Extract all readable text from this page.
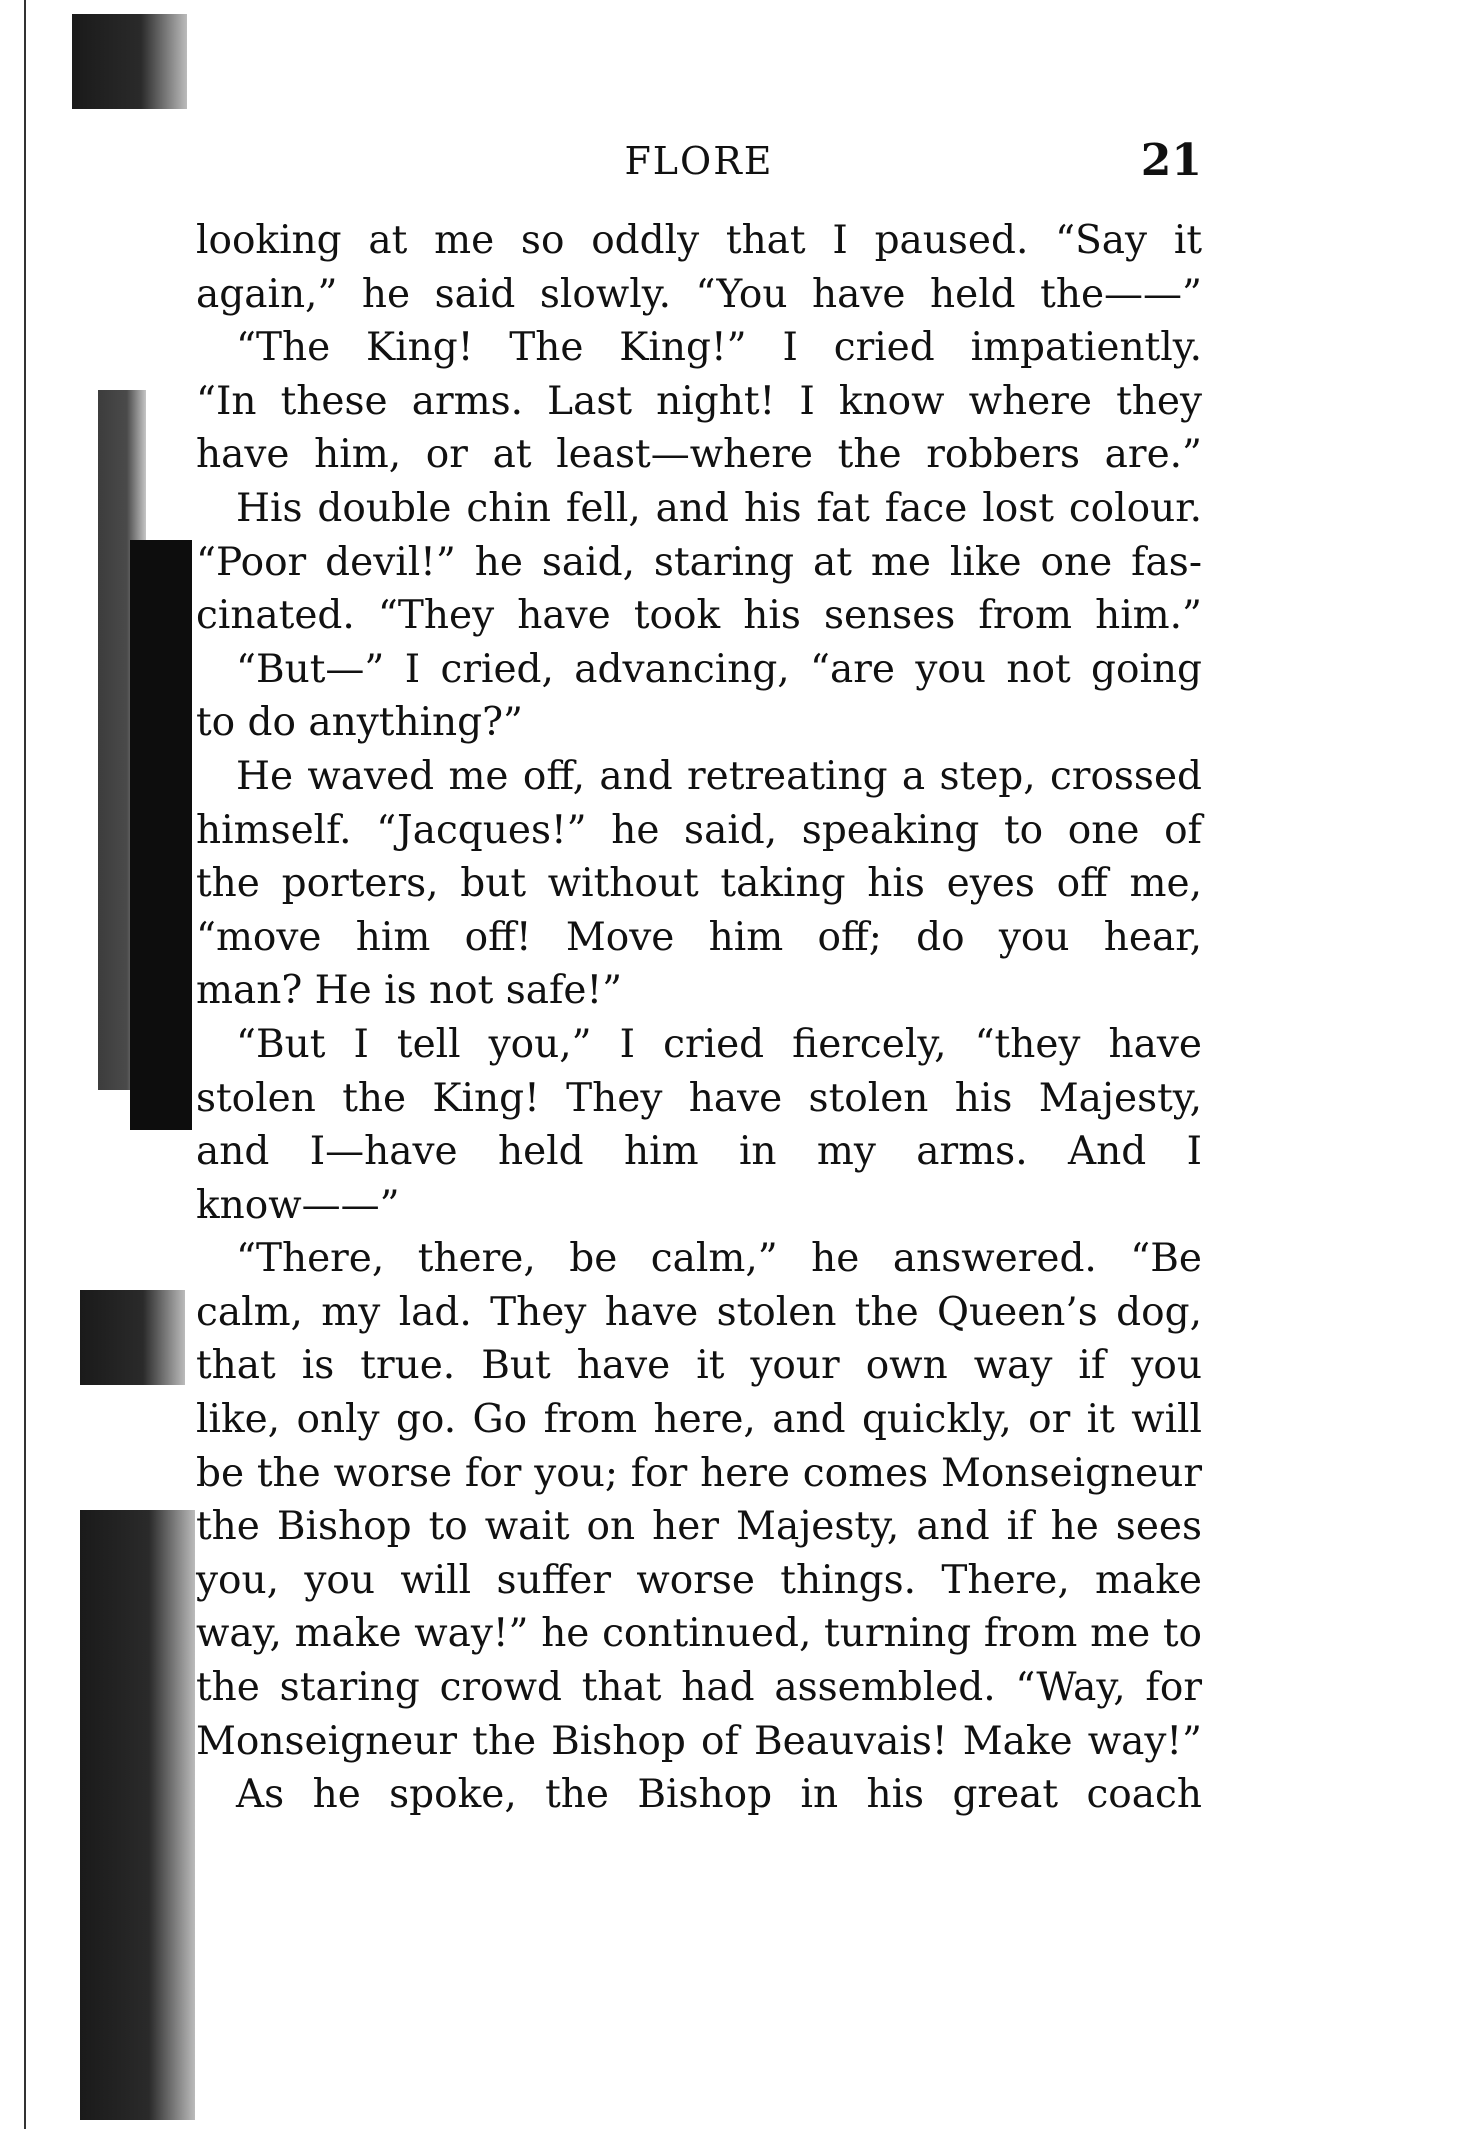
FLORE	21
looking at me so oddly that I paused. “Say it
again,” he said slowly. “You have held the——”
“The King! The King!” I cried impatiently.
“In these arms. Last night! I know where they
have him, or at least—where the robbers are.”
His double chin fell, and his fat face lost colour.
“Poor devil!” he said, staring at me like one fas-
cinated. “They have took his senses from him.”
“But—” I cried, advancing, “are you not going
to do anything?”
He waved me off, and retreating a step, crossed
himself. “Jacques!” he said, speaking to one of
the porters, but without taking his eyes off me,
“move him off! Move him off; do you hear,
man? He is not safe!”
“But I tell you,” I cried fiercely, “they have
stolen the King! They have stolen his Majesty,
and I—have held him in my arms. And I
know——”
“There, there, be calm,” he answered. “Be
calm, my lad. They have stolen the Queen’s dog,
that is true. But have it your own way if you
like, only go. Go from here, and quickly, or it will
be the worse for you; for here comes Monseigneur
the Bishop to wait on her Majesty, and if he sees
you, you will suffer worse things. There, make
way, make way!” he continued, turning from me to
the staring crowd that had assembled. “Way, for
Monseigneur the Bishop of Beauvais! Make way!”
As he spoke, the Bishop in his great coach
